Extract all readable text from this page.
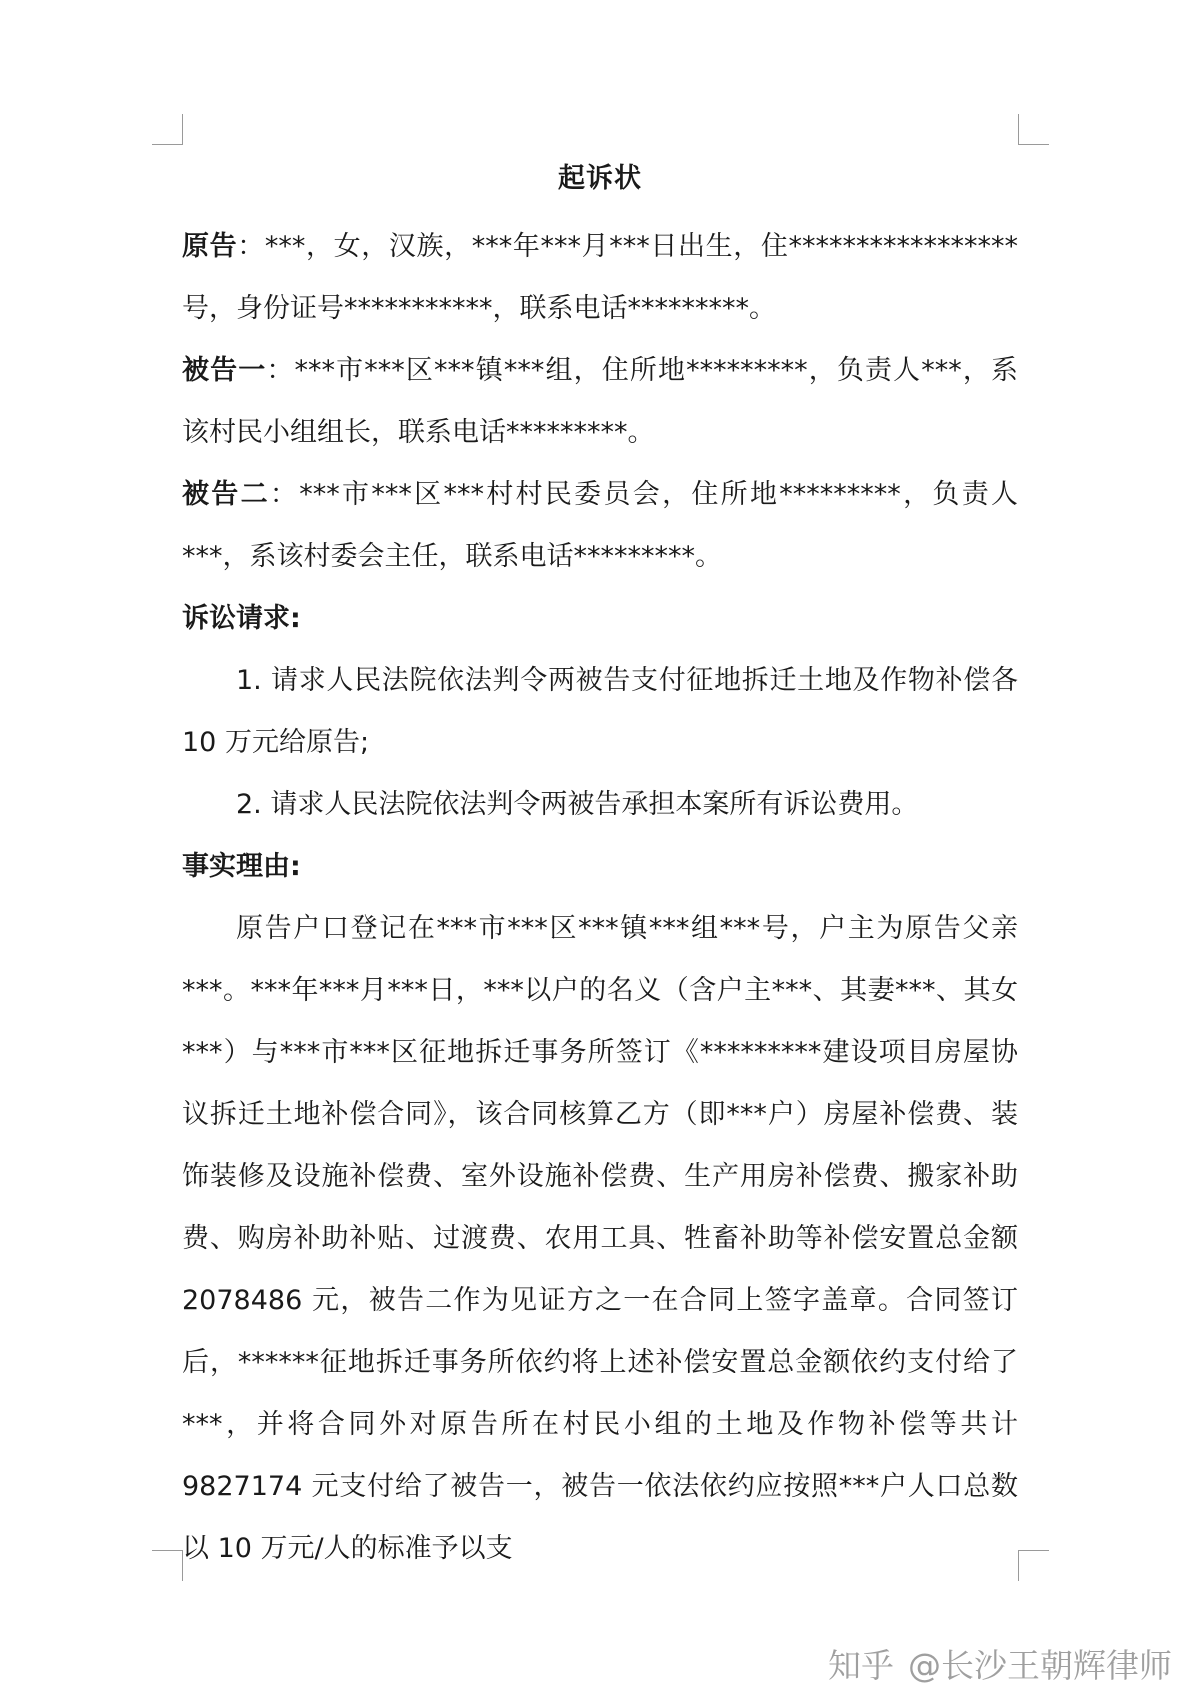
起诉状

原告：***，女，汉族，***年***月***日出生，住*****************号，身份证号***********，联系电话*********。

被告一：***市***区***镇***组，住所地*********，负责人***，系该村民小组组长，联系电话*********。

被告二：***市***区***村村民委员会，住所地*********，负责人***，系该村委会主任，联系电话*********。

诉讼请求:

1. 请求人民法院依法判令两被告支付征地拆迁土地及作物补偿各 10 万元给原告;

2. 请求人民法院依法判令两被告承担本案所有诉讼费用。

事实理由:

原告户口登记在***市***区***镇***组***号，户主为原告父亲***。***年***月***日，***以户的名义（含户主***、其妻***、其女***）与***市***区征地拆迁事务所签订《*********建设项目房屋协议拆迁土地补偿合同》，该合同核算乙方（即***户）房屋补偿费、装饰装修及设施补偿费、室外设施补偿费、生产用房补偿费、搬家补助费、购房补助补贴、过渡费、农用工具、牲畜补助等补偿安置总金额 2078486 元，被告二作为见证方之一在合同上签字盖章。合同签订后，******征地拆迁事务所依约将上述补偿安置总金额依约支付给了***，并将合同外对原告所在村民小组的土地及作物补偿等共计 9827174 元支付给了被告一，被告一依法依约应按照***户人口总数以 10 万元/人的标准予以支

知乎 @长沙王朝辉律师
